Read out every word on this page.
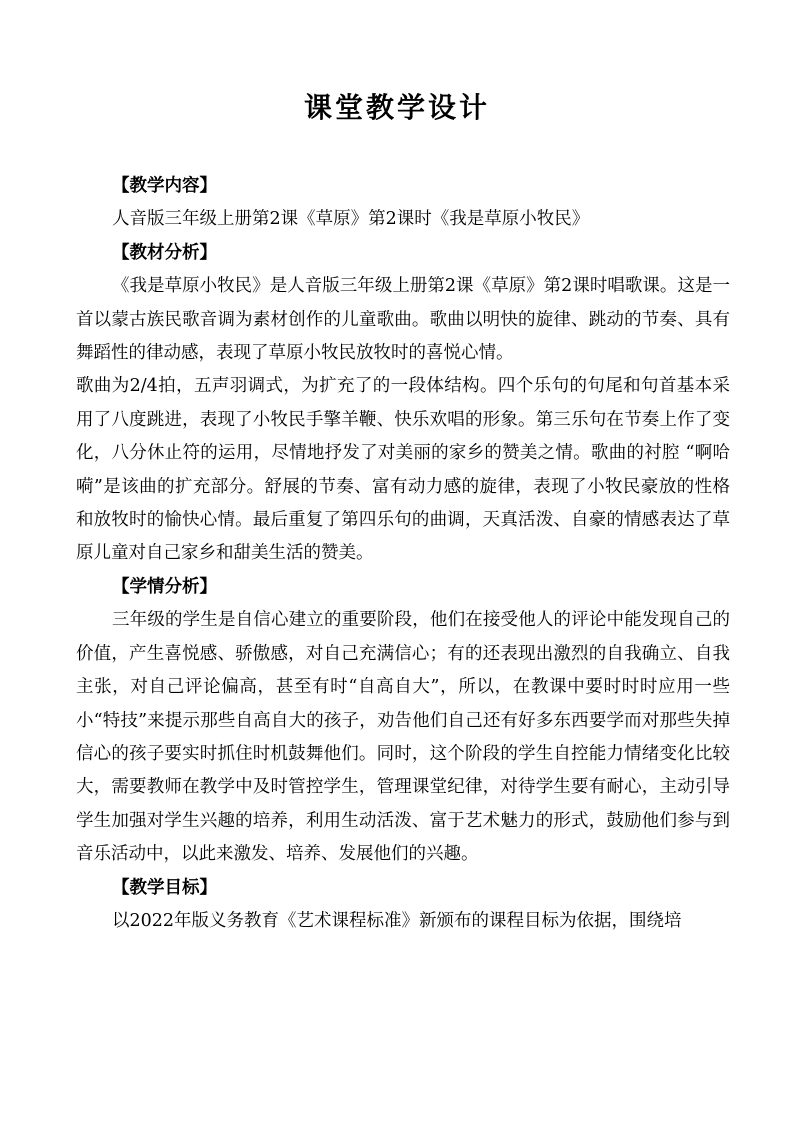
课堂教学设计
【教学内容】
人音版三年级上册第2课《草原》第2课时《我是草原小牧民》
【教材分析】
《我是草原小牧民》是人音版三年级上册第2课《草原》第2课时唱歌课。这是一首以蒙古族民歌音调为素材创作的儿童歌曲。歌曲以明快的旋律、跳动的节奏、具有舞蹈性的律动感，表现了草原小牧民放牧时的喜悦心情。
歌曲为2/4拍，五声羽调式，为扩充了的一段体结构。四个乐句的句尾和句首基本采用了八度跳进，表现了小牧民手擎羊鞭、快乐欢唱的形象。第三乐句在节奏上作了变化，八分休止符的运用，尽情地抒发了对美丽的家乡的赞美之情。歌曲的衬腔 “啊哈嗬”是该曲的扩充部分。舒展的节奏、富有动力感的旋律，表现了小牧民豪放的性格和放牧时的愉快心情。最后重复了第四乐句的曲调，天真活泼、自豪的情感表达了草原儿童对自己家乡和甜美生活的赞美。
【学情分析】
三年级的学生是自信心建立的重要阶段，他们在接受他人的评论中能发现自己的价值，产生喜悦感、骄傲感，对自己充满信心；有的还表现出激烈的自我确立、自我主张，对自己评论偏高，甚至有时“自高自大”，所以，在教课中要时时时应用一些小“特技”来提示那些自高自大的孩子，劝告他们自己还有好多东西要学而对那些失掉信心的孩子要实时抓住时机鼓舞他们。同时，这个阶段的学生自控能力情绪变化比较大，需要教师在教学中及时管控学生，管理课堂纪律，对待学生要有耐心，主动引导学生加强对学生兴趣的培养，利用生动活泼、富于艺术魅力的形式，鼓励他们参与到音乐活动中，以此来激发、培养、发展他们的兴趣。
【教学目标】
以2022年版义务教育《艺术课程标准》新颁布的课程目标为依据，围绕培
